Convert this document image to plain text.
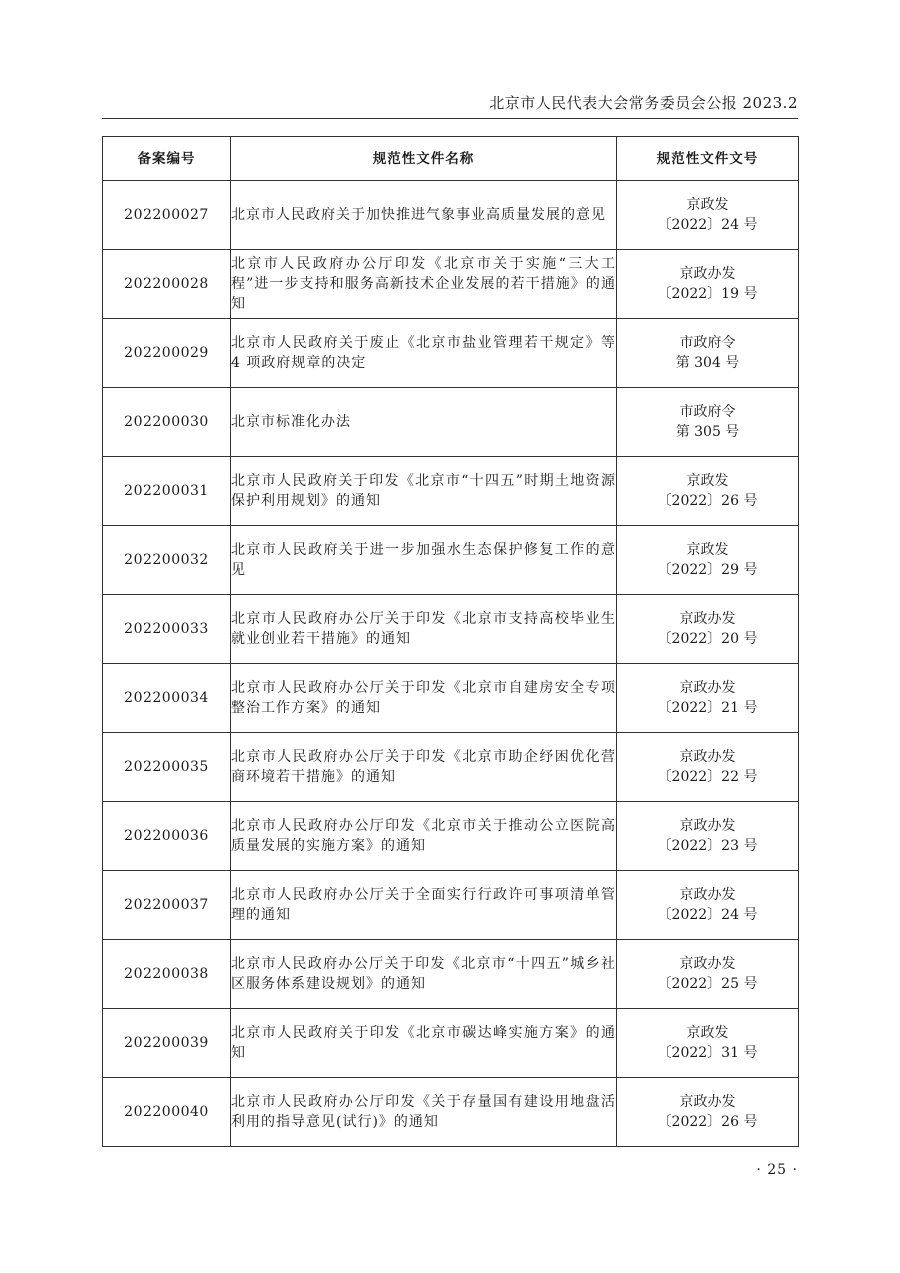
北京市人民代表大会常务委员会公报 2023.2
备案编号	规范性文件名称	规范性文件文号
202200027	北京市人民政府关于加快推进气象事业高质量发展的意见	京政发
〔2022〕24 号

202200028	北京市人民政府办公厅印发《北京市关于实施“三大工程”进一步支持和服务高新技术企业发展的若干措施》的通知	京政办发
〔2022〕19 号

202200029	北京市人民政府关于废止《北京市盐业管理若干规定》等 4 项政府规章的决定	市政府令
第 304 号

202200030	北京市标准化办法	市政府令
第 305 号

202200031	北京市人民政府关于印发《北京市“十四五”时期土地资源保护利用规划》的通知	京政发
〔2022〕26 号

202200032	北京市人民政府关于进一步加强水生态保护修复工作的意见	京政发
〔2022〕29 号

202200033	北京市人民政府办公厅关于印发《北京市支持高校毕业生就业创业若干措施》的通知	京政办发
〔2022〕20 号

202200034	北京市人民政府办公厅关于印发《北京市自建房安全专项整治工作方案》的通知	京政办发
〔2022〕21 号

202200035	北京市人民政府办公厅关于印发《北京市助企纾困优化营商环境若干措施》的通知	京政办发
〔2022〕22 号

202200036	北京市人民政府办公厅印发《北京市关于推动公立医院高质量发展的实施方案》的通知	京政办发
〔2022〕23 号

202200037	北京市人民政府办公厅关于全面实行行政许可事项清单管理的通知	京政办发
〔2022〕24 号

202200038	北京市人民政府办公厅关于印发《北京市“十四五”城乡社区服务体系建设规划》的通知	京政办发
〔2022〕25 号

202200039	北京市人民政府关于印发《北京市碳达峰实施方案》的通知	京政发
〔2022〕31 号

202200040	北京市人民政府办公厅印发《关于存量国有建设用地盘活利用的指导意见(试行)》的通知	京政办发
〔2022〕26 号
· 25 ·
